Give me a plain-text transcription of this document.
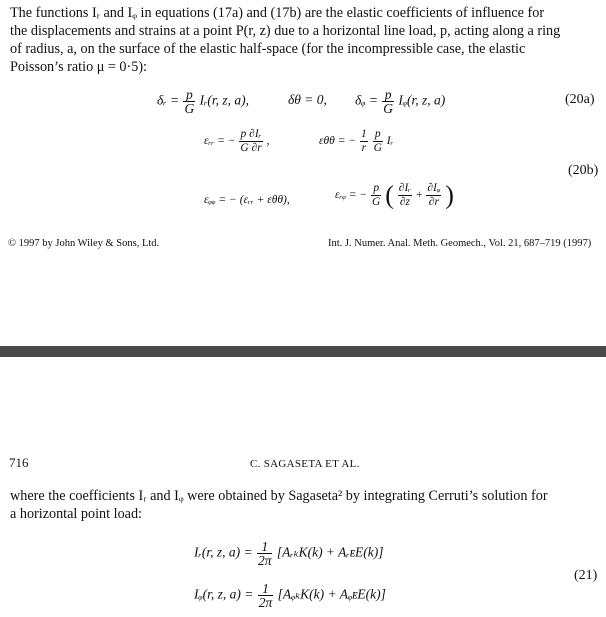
The functions Iᵣ and Iᵩ in equations (17a) and (17b) are the elastic coefficients of influence for
the displacements and strains at a point P(r, z) due to a horizontal line load, p, acting along a ring
of radius, a, on the surface of the elastic half-space (for the incompressible case, the elastic
Poisson’s ratio μ = 0·5):
δᵣ = $\frac{p}{G}$ Iᵣ(r, z, a),	δθ = 0, δᵩ = $\frac{p}{G}$ Iᵩ(r, z, a)	(20a)
εᵣᵣ = − $\frac{\text{p ∂Iᵣ}}{G \partial r}$ ,	εθθ = − $\frac{1}{r}$
$\frac{p}{G}$ Iᵣ
(20b)
εᵩᵩ = − (εᵣᵣ + εθθ),	εᵣᵩ = − $\frac{p}{G}$ ( $\frac{\text{∂Iᵣ}}{\partial z} + \frac{\text{∂Iᵩ}}{\partial r}$ )
© 1997 by John Wiley & Sons, Ltd.	Int. J. Numer. Anal. Meth. Geomech., Vol. 21, 687–719 (1997)
716	C. SAGASETA ET AL.
where the coefficients Iᵣ and Iᵩ were obtained by Sagaseta² by integrating Cerruti’s solution for
a horizontal point load:
Iᵣ(r, z, $a) = \frac{1}{2\pi}$ [AᵣₖK(k) + AᵣᴇE(k)]
(21)
Iᵩ(r, z, $a) = \frac{1}{2\pi}$ [AᵩₖK(k) + AᵩᴇE(k)]
